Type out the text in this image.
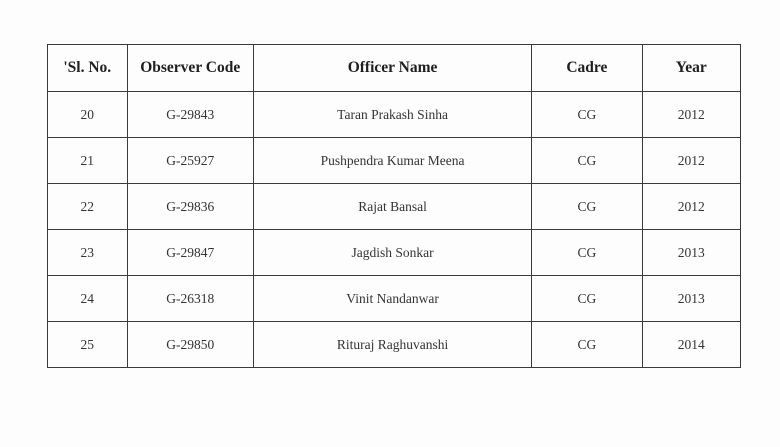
'Sl. No.	Observer Code	Officer Name	Cadre	Year
20	G-29843	Taran Prakash Sinha	CG	2012
21	G-25927	Pushpendra Kumar Meena	CG	2012
22	G-29836	Rajat Bansal	CG	2012
23	G-29847	Jagdish Sonkar	CG	2013
24	G-26318	Vinit Nandanwar	CG	2013
25	G-29850	Rituraj Raghuvanshi	CG	2014
